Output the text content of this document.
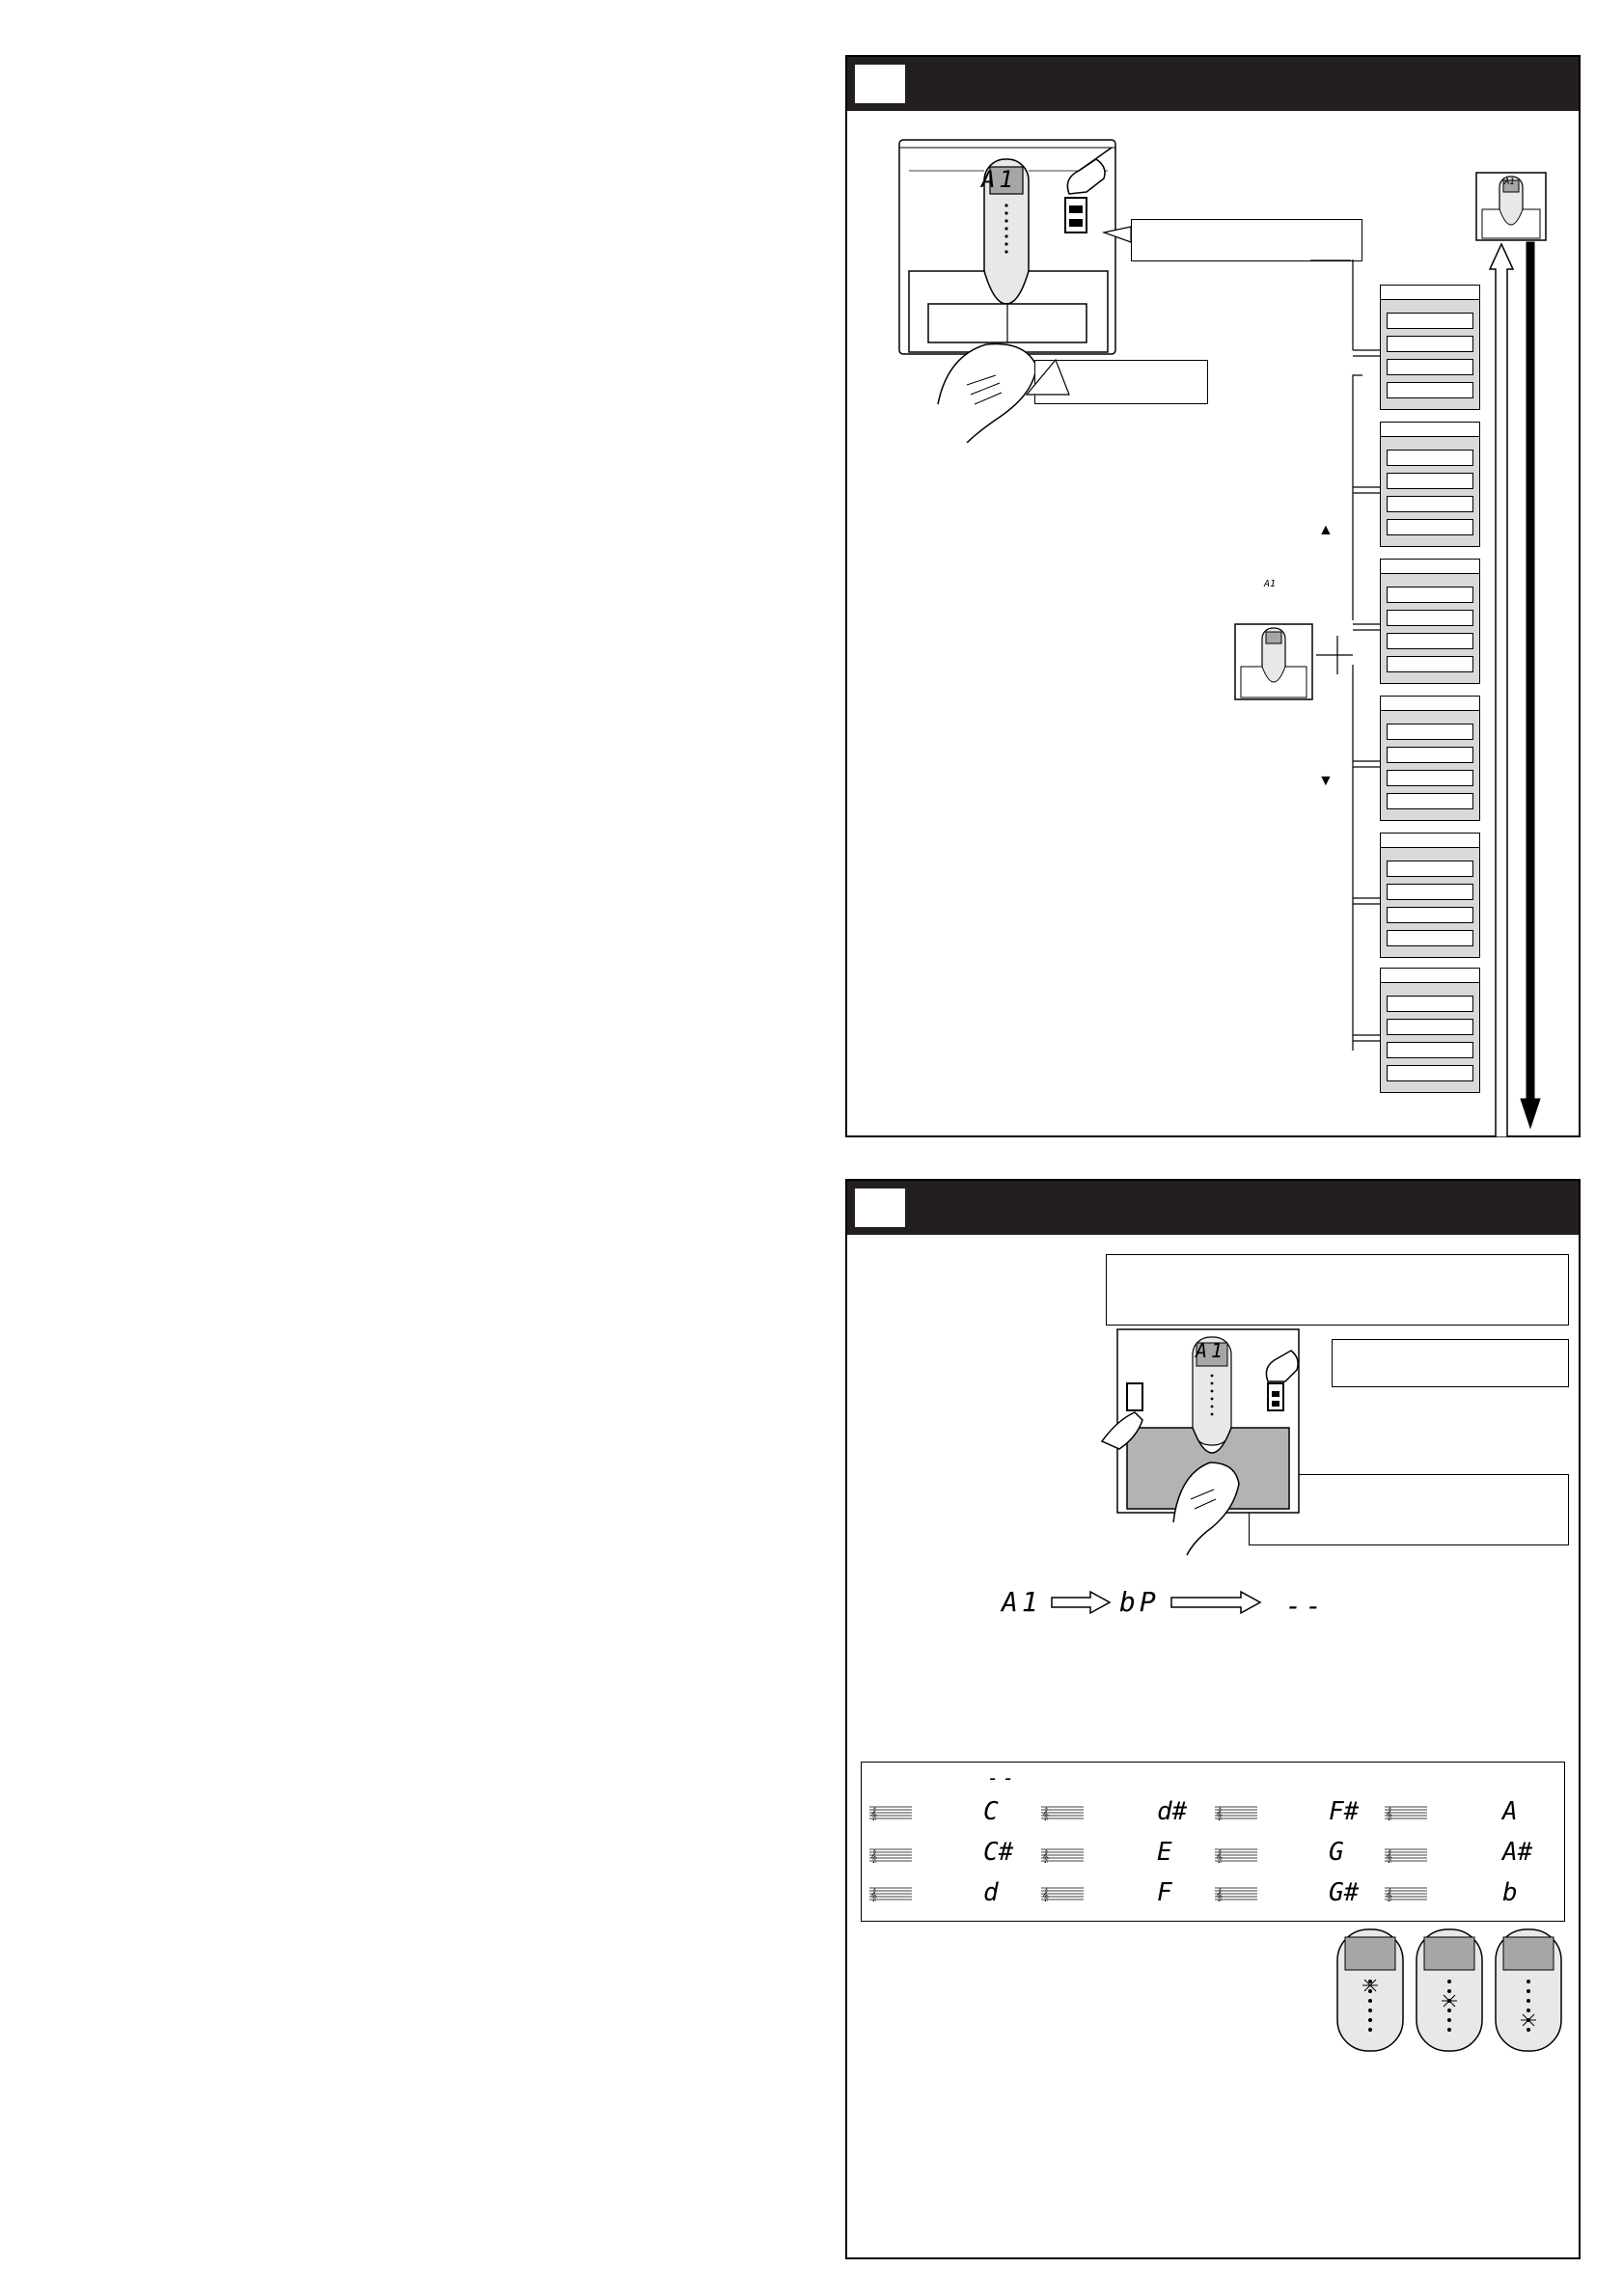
A1
▲
▼
A1	bP	--
--
𝄞
𝄞
𝄞
C
C#
d
𝄞
𝄞
𝄞
d#
E
F
𝄞
𝄞
𝄞
F#
G
G#
𝄞
𝄞
𝄞
A
A#
b
A1
A1
A1
